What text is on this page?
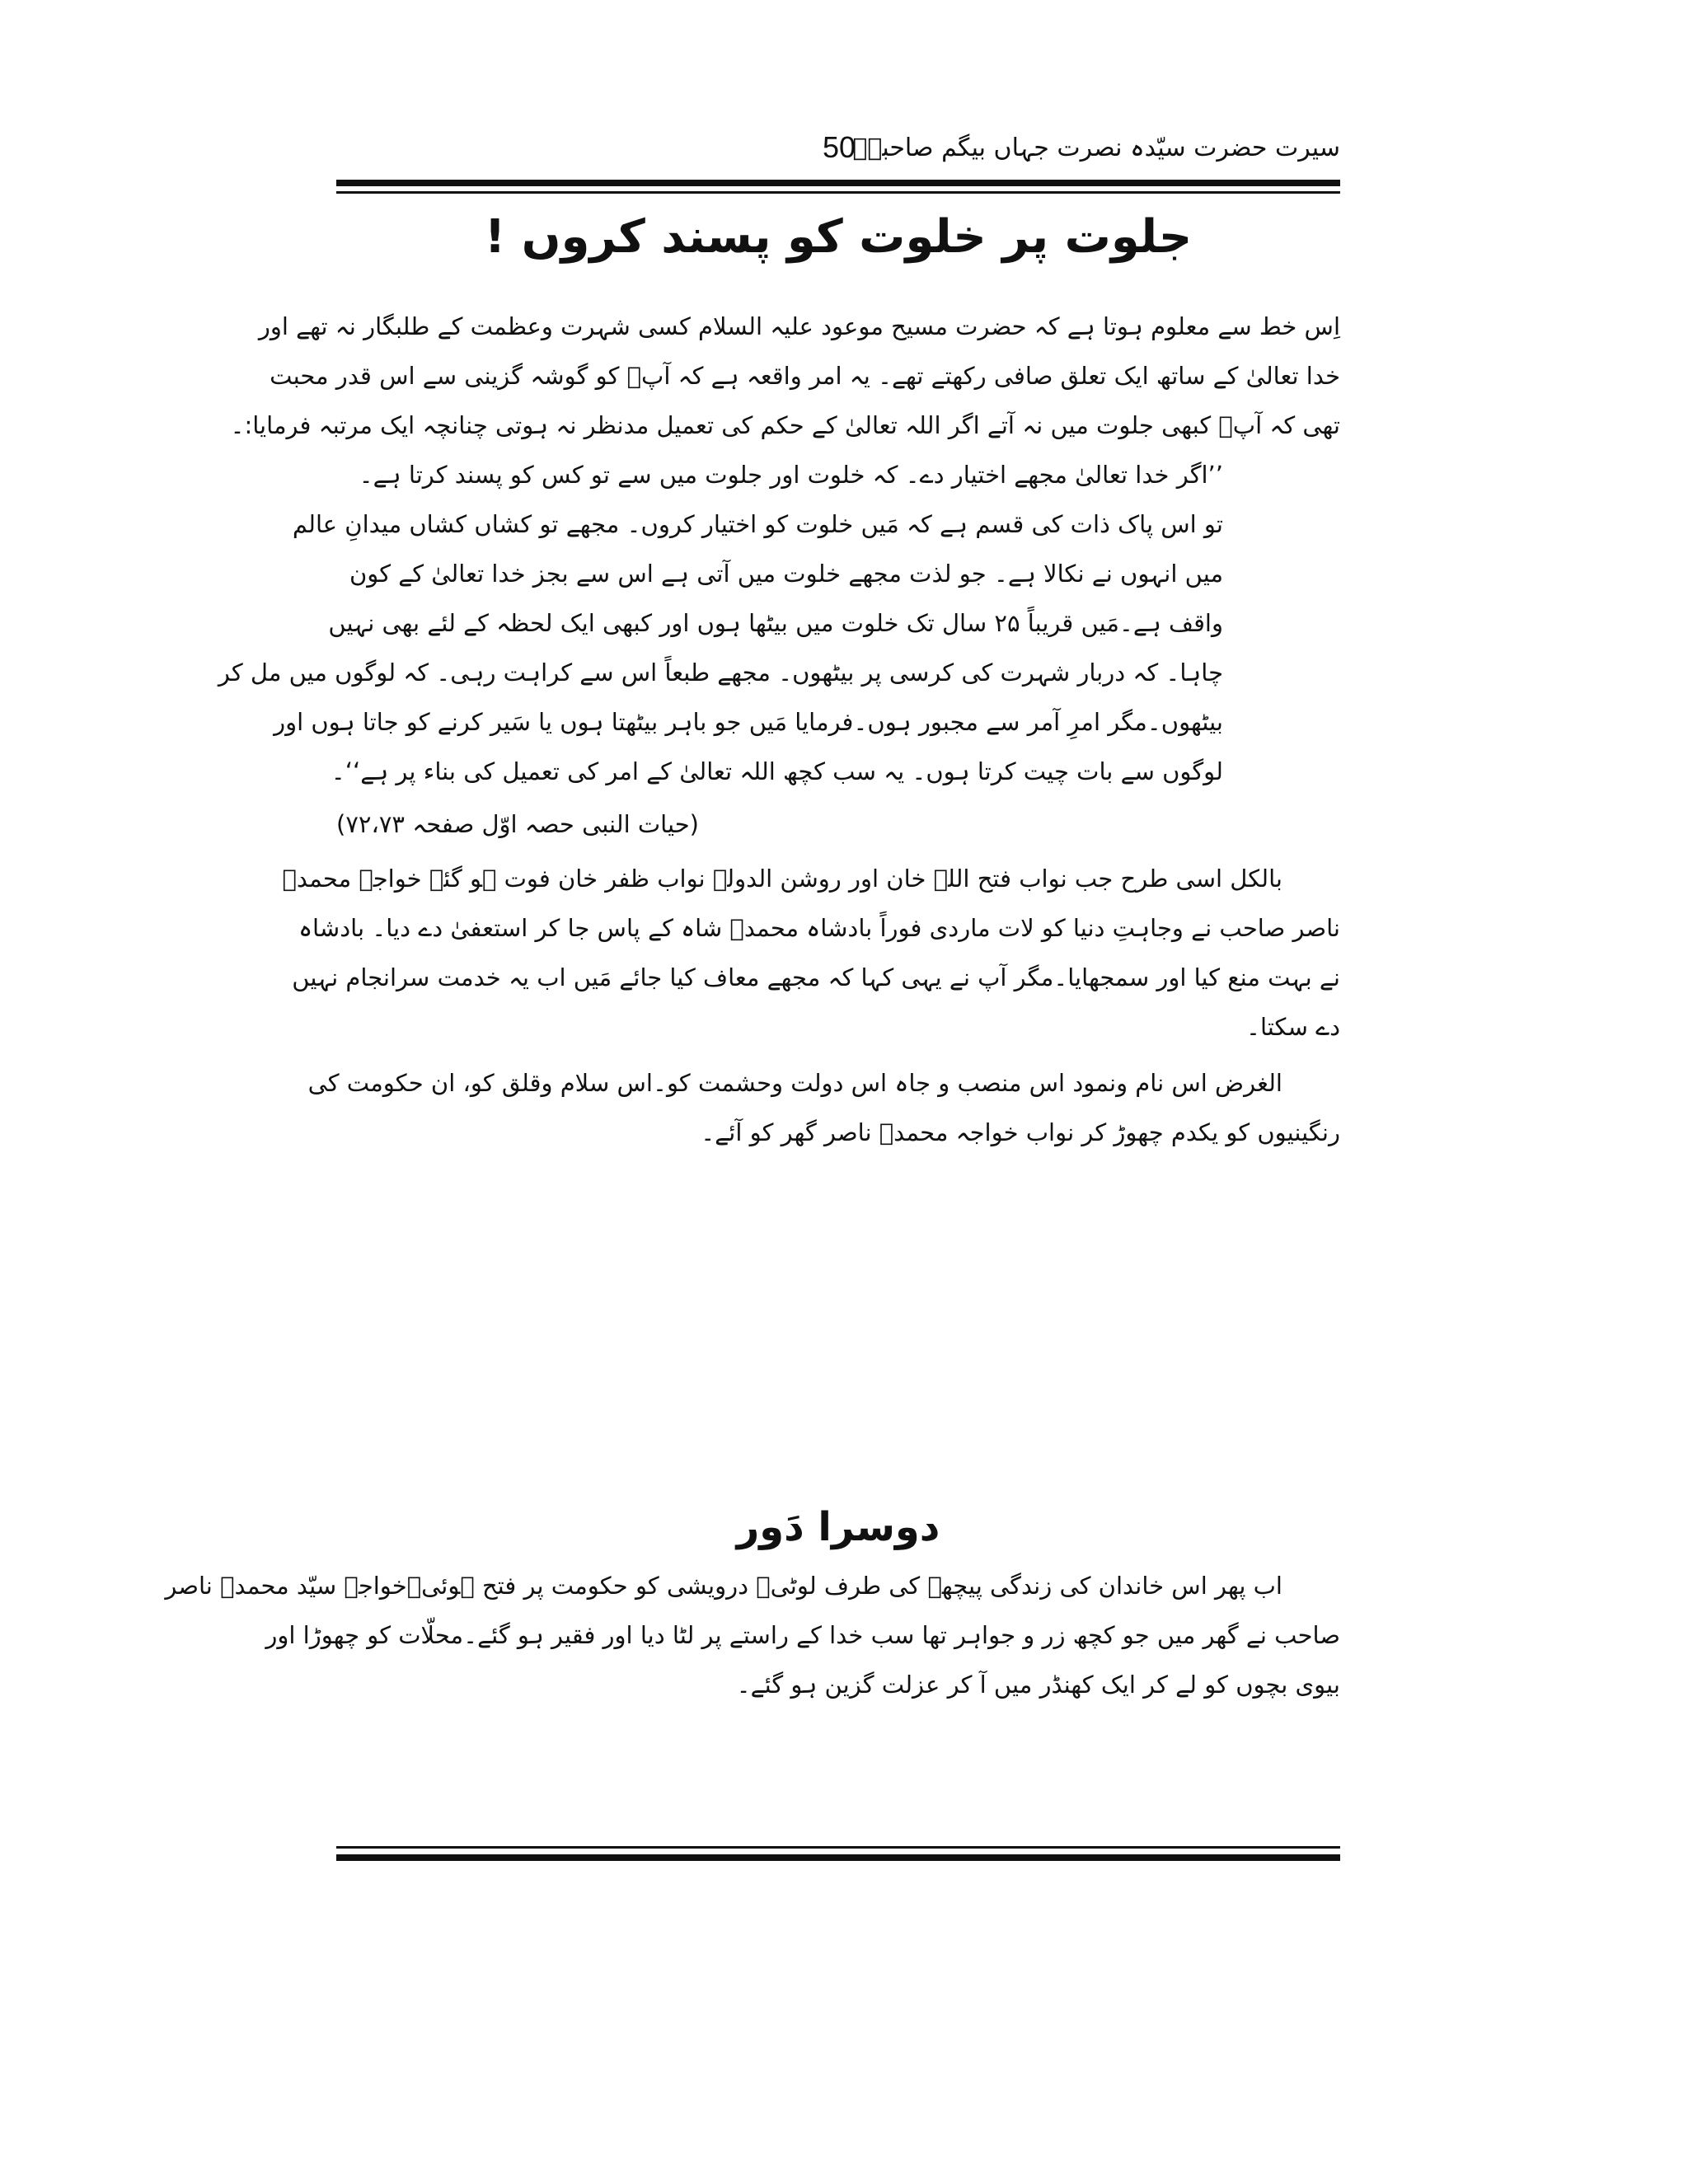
50
سیرت حضرت سیّدہ نصرت جہاں بیگم صاحبہؓ
جلوت پر خلوت کو پسند کروں !
اِس خط سے معلوم ہوتا ہے کہ حضرت مسیح موعود علیہ السلام کسی شہرت وعظمت کے طلبگار نہ تھے اور
خدا تعالیٰ کے ساتھ ایک تعلق صافی رکھتے تھے۔ یہ امر واقعہ ہے کہ آپؑ کو گوشہ گزینی سے اس قدر محبت
تھی کہ آپؑ کبھی جلوت میں نہ آتے اگر اللہ تعالیٰ کے حکم کی تعمیل مدنظر نہ ہوتی چنانچہ ایک مرتبہ فرمایا:۔
’’اگر خدا تعالیٰ مجھے اختیار دے۔ کہ خلوت اور جلوت میں سے تو کس کو پسند کرتا ہے۔
تو اس پاک ذات کی قسم ہے کہ مَیں خلوت کو اختیار کروں۔ مجھے تو کشاں کشاں میدانِ عالم
میں انہوں نے نکالا ہے۔ جو لذت مجھے خلوت میں آتی ہے اس سے بجز خدا تعالیٰ کے کون
واقف ہے۔مَیں قریباً ۲۵ سال تک خلوت میں بیٹھا ہوں اور کبھی ایک لحظہ کے لئے بھی نہیں
چاہا۔ کہ دربار شہرت کی کرسی پر بیٹھوں۔ مجھے طبعاً اس سے کراہت رہی۔ کہ لوگوں میں مل کر
بیٹھوں۔مگر امرِ آمر سے مجبور ہوں۔فرمایا مَیں جو باہر بیٹھتا ہوں یا سَیر کرنے کو جاتا ہوں اور
لوگوں سے بات چیت کرتا ہوں۔ یہ سب کچھ اللہ تعالیٰ کے امر کی تعمیل کی بناء پر ہے‘‘۔
(حیات النبی حصہ اوّل صفحہ ۷۲،۷۳)
بالکل اسی طرح جب نواب فتح اللہ خان اور روشن الدولہ نواب ظفر خان فوت ہو گئے خواجہ محمدؒ
ناصر صاحب نے وجاہتِ دنیا کو لات ماردی فوراً بادشاہ محمدؒ شاہ کے پاس جا کر استعفیٰ دے دیا۔ بادشاہ
نے بہت منع کیا اور سمجھایا۔مگر آپ نے یہی کہا کہ مجھے معاف کیا جائے مَیں اب یہ خدمت سرانجام نہیں
دے سکتا۔
الغرض اس نام ونمود اس منصب و جاہ اس دولت وحشمت کو۔اس سلام وقلق کو، ان حکومت کی
رنگینیوں کو یکدم چھوڑ کر نواب خواجہ محمدؒ ناصر گھر کو آئے۔
دوسرا دَور
اب پھر اس خاندان کی زندگی پیچھے کی طرف لوٹی۔ درویشی کو حکومت پر فتح ہوئی۔خواجہ سیّد محمدؒ ناصر
صاحب نے گھر میں جو کچھ زر و جواہر تھا سب خدا کے راستے پر لٹا دیا اور فقیر ہو گئے۔محلّات کو چھوڑا اور
بیوی بچوں کو لے کر ایک کھنڈر میں آ کر عزلت گزین ہو گئے۔
